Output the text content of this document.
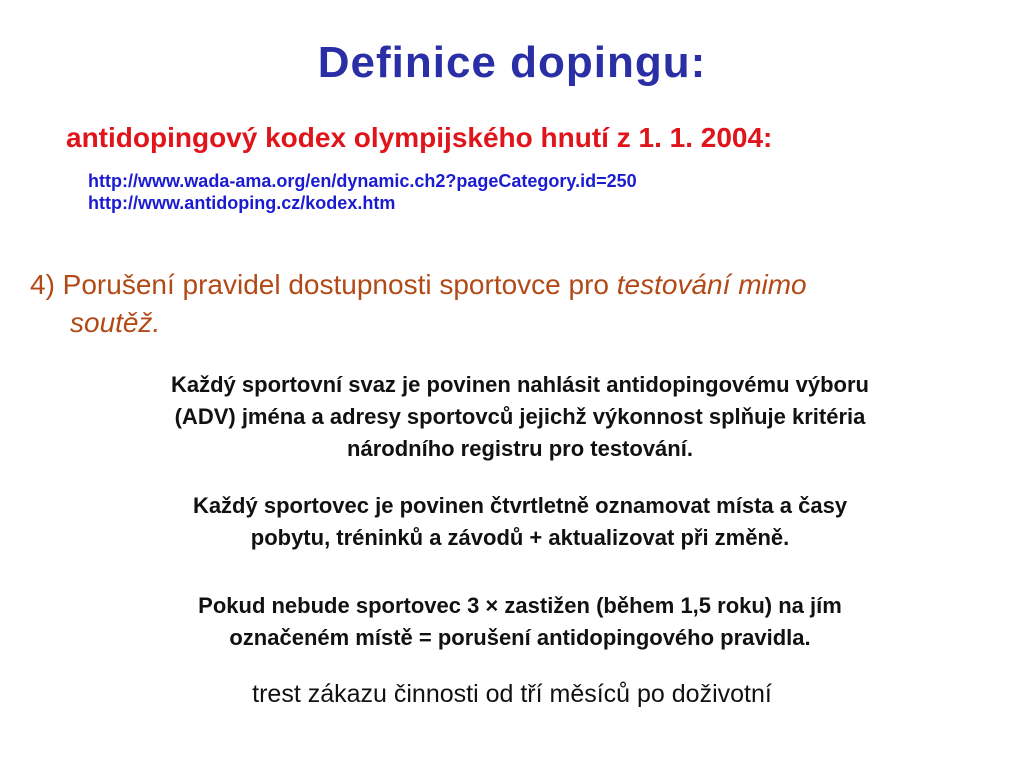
Definice dopingu:
antidopingový kodex olympijského hnutí z 1. 1. 2004:
http://www.wada-ama.org/en/dynamic.ch2?pageCategory.id=250
http://www.antidoping.cz/kodex.htm
4) Porušení pravidel dostupnosti sportovce pro testování mimo
soutěž.
Každý sportovní svaz je povinen nahlásit antidopingovému výboru
(ADV) jména a adresy sportovců jejichž výkonnost splňuje kritéria
národního registru pro testování.
Každý sportovec je povinen čtvrtletně oznamovat místa a časy
pobytu, tréninků a závodů + aktualizovat při změně.
Pokud nebude sportovec 3 × zastižen (během 1,5 roku) na jím
označeném místě = porušení antidopingového pravidla.
trest zákazu činnosti od tří měsíců po doživotní
